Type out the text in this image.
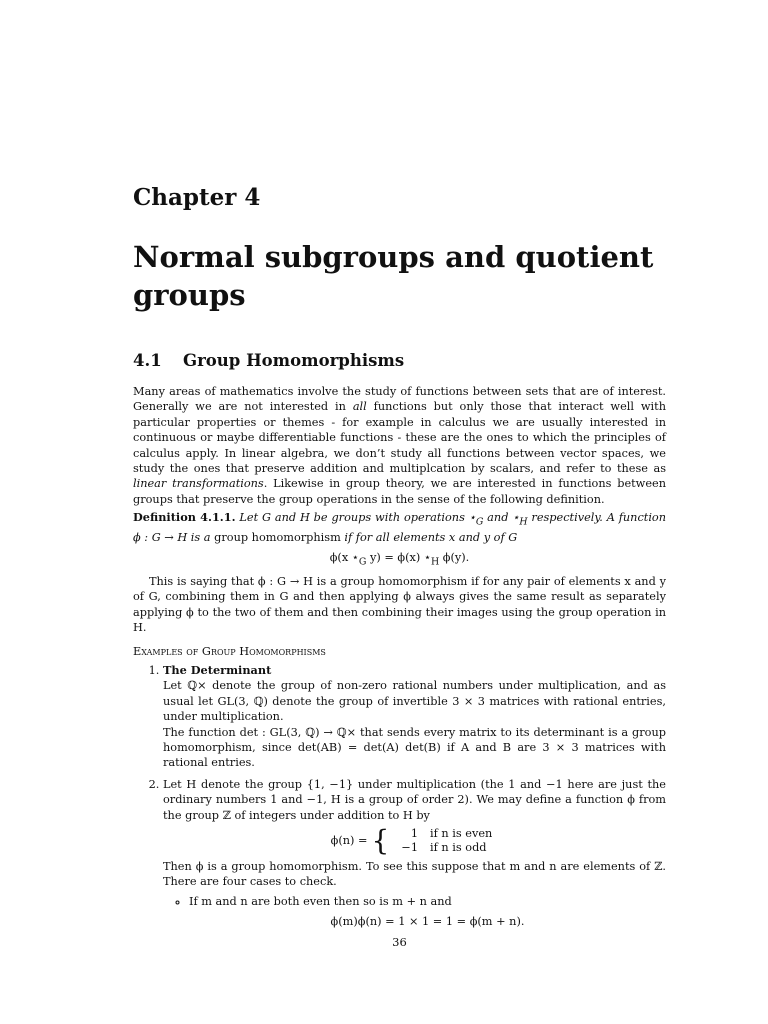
Chapter 4
Normal subgroups and quotient groups
4.1 Group Homomorphisms

Many areas of mathematics involve the study of functions between sets that are of interest. Generally we are not interested in all functions but only those that interact well with particular properties or themes - for example in calculus we are usually interested in continuous or maybe differentiable functions - these are the ones to which the principles of calculus apply. In linear algebra, we don’t study all functions between vector spaces, we study the ones that preserve addition and multiplcation by scalars, and refer to these as linear transformations. Likewise in group theory, we are interested in functions between groups that preserve the group operations in the sense of the following definition.

Definition 4.1.1. Let G and H be groups with operations $⋆_G$ and $⋆_H$ respectively. A function ϕ : G → H is a group homomorphism if for all elements x and y of G

ϕ(x $⋆_G$ y) = ϕ(x) $⋆_H$ ϕ(y).

This is saying that ϕ : G → H is a group homomorphism if for any pair of elements x and y of G, combining them in G and then applying ϕ always gives the same result as separately applying ϕ to the two of them and then combining their images using the group operation in H.

Examples of Group Homomorphisms
1. The Determinant

Let ℚ× denote the group of non-zero rational numbers under multiplication, and as usual let GL(3, ℚ) denote the group of invertible 3 × 3 matrices with rational entries, under multiplication.

The function det : GL(3, ℚ) → ℚ× that sends every matrix to its determinant is a group homomorphism, since det(AB) = det(A) det(B) if A and B are 3 × 3 matrices with rational entries.

2. Let H denote the group {1, −1} under multiplication (the 1 and −1 here are just the ordinary numbers 1 and −1, H is a group of order 2). We may define a function ϕ from the group ℤ of integers under addition to H by

ϕ(n) = { 1	if n is even
−1	if n is odd

Then ϕ is a group homomorphism. To see this suppose that m and n are elements of ℤ. There are four cases to check.

◦ If m and n are both even then so is m + n and
ϕ(m)ϕ(n) = 1 × 1 = 1 = ϕ(m + n).
36
